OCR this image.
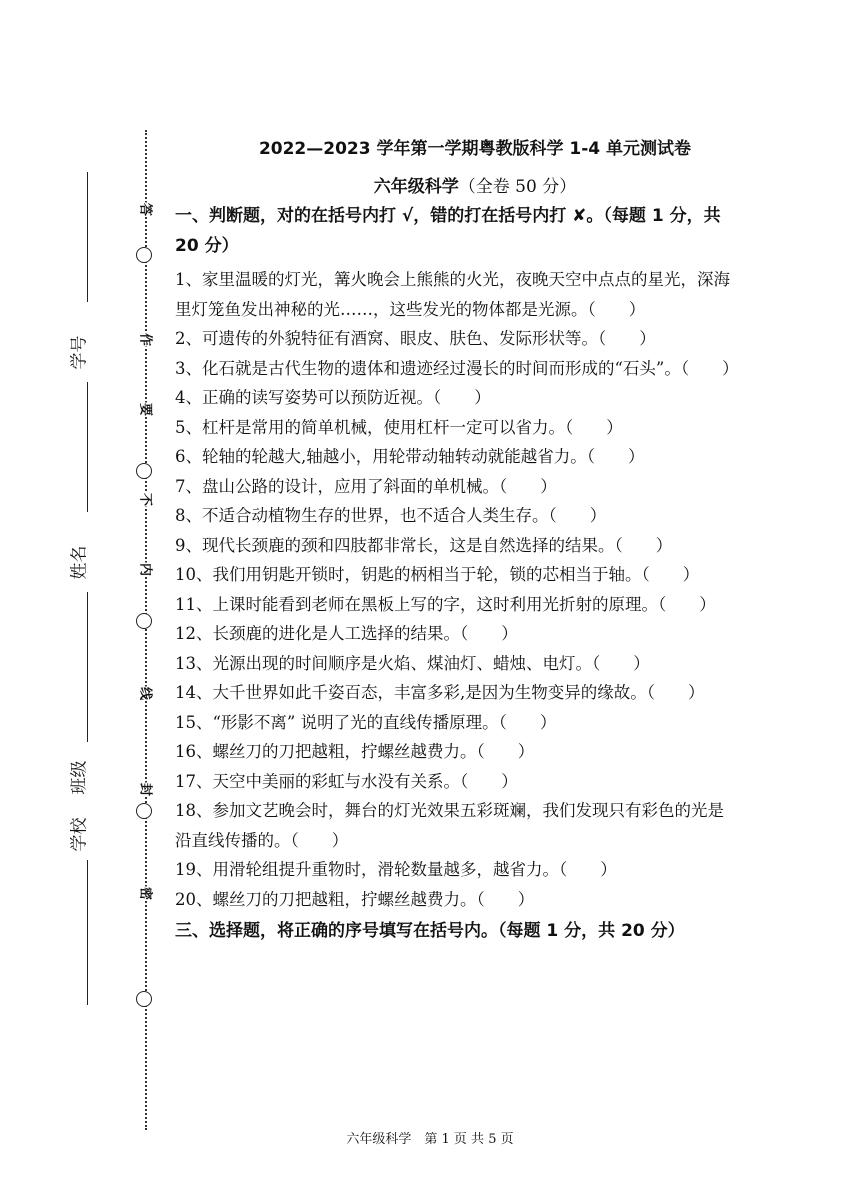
答
作
要
不
内
线
封
密
学号
姓名
班级
学校
2022—2023 学年第一学期粤教版科学 1-4 单元测试卷
六年级科学（全卷 50 分）
一、判断题，对的在括号内打 √，错的打在括号内打 ✘。（每题 1 分，共 20 分）
1、家里温暖的灯光，篝火晚会上熊熊的火光，夜晚天空中点点的星光，深海里灯笼鱼发出神秘的光……，这些发光的物体都是光源。（　　）
2、可遗传的外貌特征有酒窝、眼皮、肤色、发际形状等。（　　）
3、化石就是古代生物的遗体和遗迹经过漫长的时间而形成的“石头”。（　　）
4、正确的读写姿势可以预防近视。（　　）
5、杠杆是常用的简单机械，使用杠杆一定可以省力。（　　）
6、轮轴的轮越大,轴越小，用轮带动轴转动就能越省力。（　　）
7、盘山公路的设计，应用了斜面的单机械。（　　）
8、不适合动植物生存的世界，也不适合人类生存。（　　）
9、现代长颈鹿的颈和四肢都非常长，这是自然选择的结果。（　　）
10、我们用钥匙开锁时，钥匙的柄相当于轮，锁的芯相当于轴。（　　）
11、上课时能看到老师在黑板上写的字，这时利用光折射的原理。（　　）
12、长颈鹿的进化是人工选择的结果。（　　）
13、光源出现的时间顺序是火焰、煤油灯、蜡烛、电灯。（　　）
14、大千世界如此千姿百态，丰富多彩,是因为生物变异的缘故。（　　）
15、“形影不离” 说明了光的直线传播原理。（　　）
16、螺丝刀的刀把越粗，拧螺丝越费力。（　　）
17、天空中美丽的彩虹与水没有关系。（　　）
18、参加文艺晚会时，舞台的灯光效果五彩斑斓，我们发现只有彩色的光是沿直线传播的。（　　）
19、用滑轮组提升重物时，滑轮数量越多，越省力。（　　）
20、螺丝刀的刀把越粗，拧螺丝越费力。（　　）
三、选择题，将正确的序号填写在括号内。（每题 1 分，共 20 分）
六年级科学　第 1 页 共 5 页
